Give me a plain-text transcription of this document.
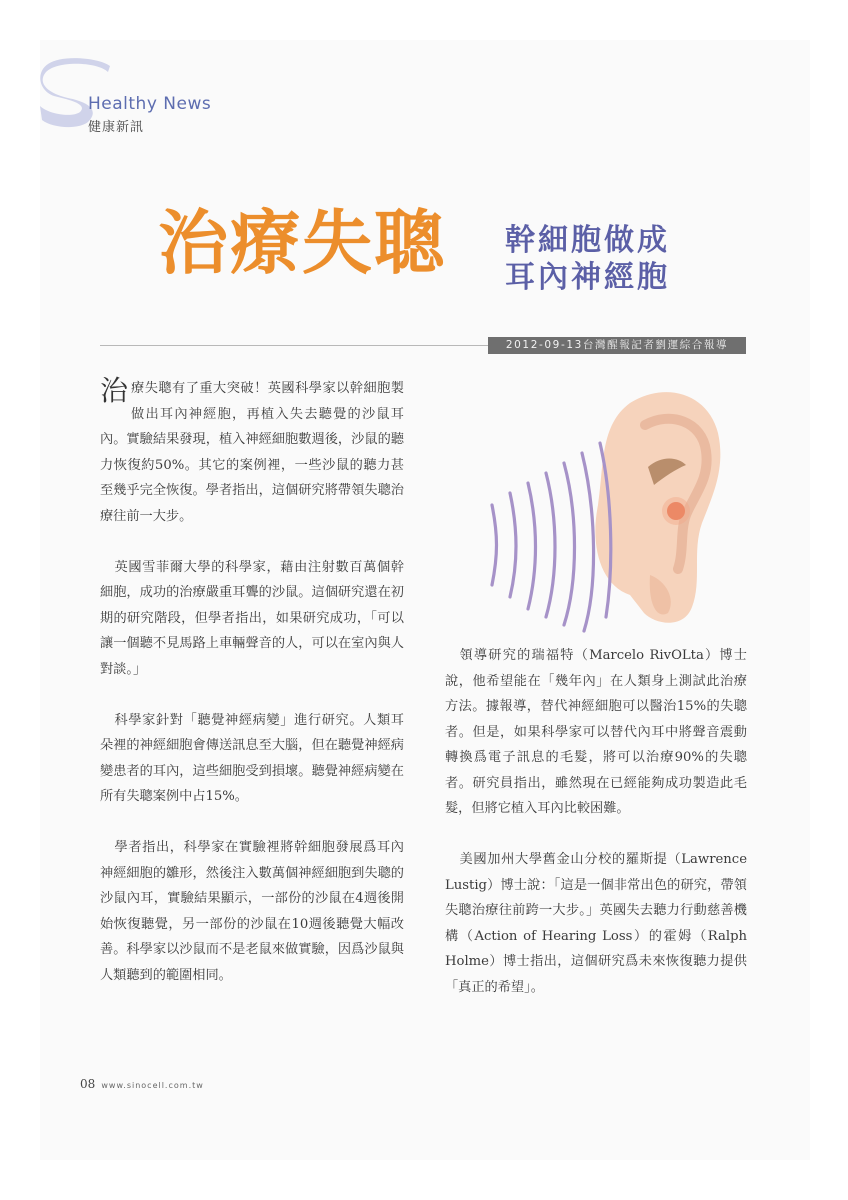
Healthy News
健康新訊
治療失聰 幹細胞做成
耳內神經胞
2012-09-13台灣醒報記者劉運綜合報導

治療失聰有了重大突破！英國科學家以幹細胞製做出耳內神經胞，再植入失去聽覺的沙鼠耳內。實驗結果發現，植入神經細胞數週後，沙鼠的聽力恢復約50%。其它的案例裡，一些沙鼠的聽力甚至幾乎完全恢復。學者指出，這個研究將帶領失聰治療往前一大步。

英國雪菲爾大學的科學家，藉由注射數百萬個幹細胞，成功的治療嚴重耳聾的沙鼠。這個研究還在初期的研究階段，但學者指出，如果研究成功，「可以讓一個聽不見馬路上車輛聲音的人，可以在室內與人對談。」

科學家針對「聽覺神經病變」進行研究。人類耳朵裡的神經細胞會傳送訊息至大腦，但在聽覺神經病變患者的耳內，這些細胞受到損壞。聽覺神經病變在所有失聰案例中占15%。

學者指出，科學家在實驗裡將幹細胞發展爲耳內神經細胞的雛形，然後注入數萬個神經細胞到失聰的沙鼠內耳，實驗結果顯示，一部份的沙鼠在4週後開始恢復聽覺，另一部份的沙鼠在10週後聽覺大幅改善。科學家以沙鼠而不是老鼠來做實驗，因爲沙鼠與人類聽到的範圍相同。

領導研究的瑞福特（Marcelo RivOLta）博士說，他希望能在「幾年內」在人類身上測試此治療方法。據報導，替代神經細胞可以醫治15%的失聰者。但是，如果科學家可以替代內耳中將聲音震動轉換爲電子訊息的毛髮，將可以治療90%的失聰者。研究員指出，雖然現在已經能夠成功製造此毛髮，但將它植入耳內比較困難。

美國加州大學舊金山分校的羅斯提（Lawrence Lustig）博士說：「這是一個非常出色的研究，帶領失聰治療往前跨一大步。」英國失去聽力行動慈善機構（Action of Hearing Loss）的霍姆（Ralph Holme）博士指出，這個研究爲未來恢復聽力提供「真正的希望」。

08 www.sinocell.com.tw
